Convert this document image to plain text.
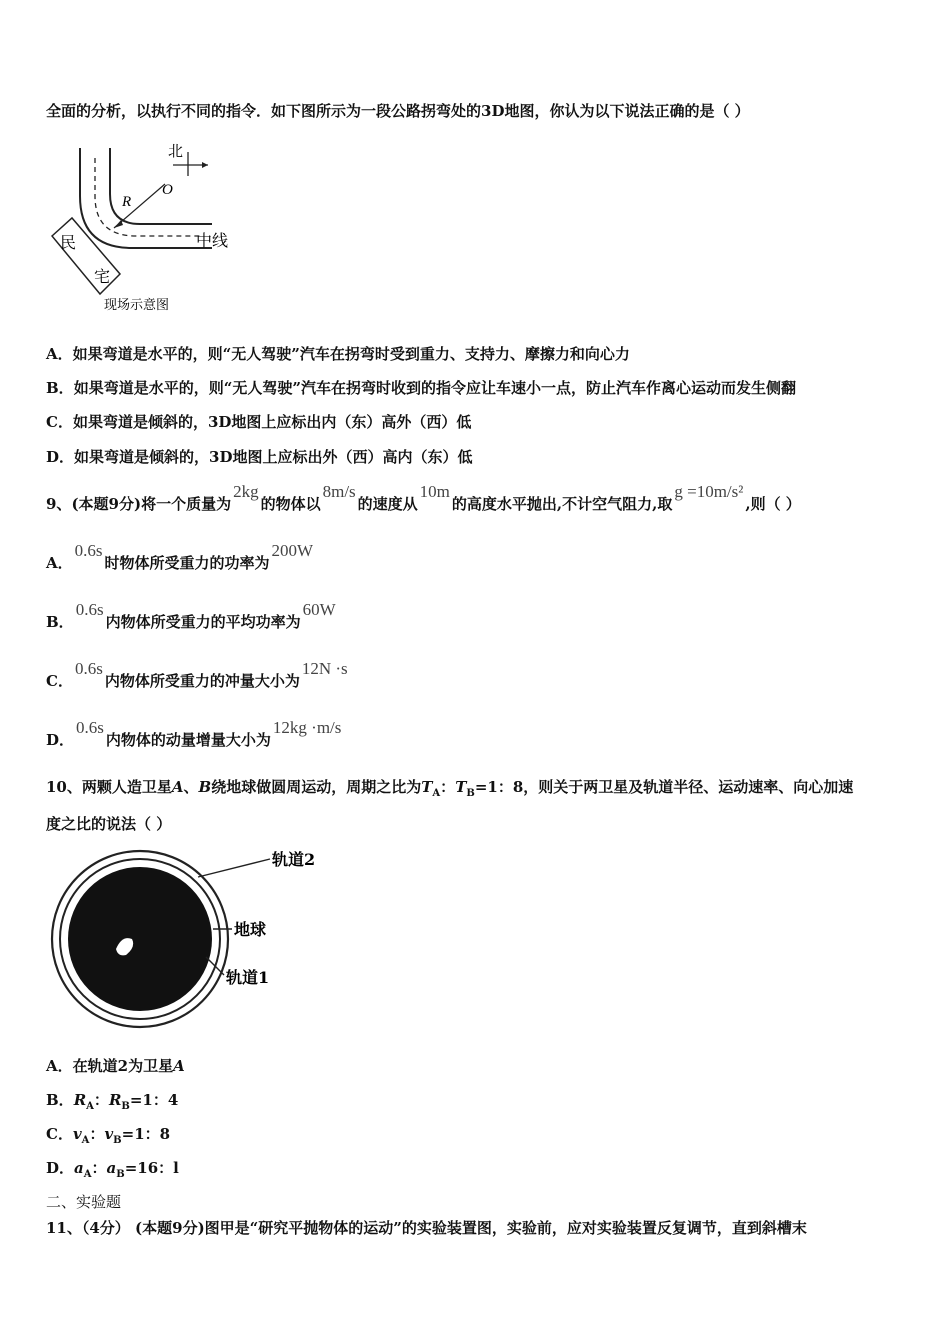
全面的分析，以执行不同的指令．如下图所示为一段公路拐弯处的3D地图，你认为以下说法正确的是（ ）
北
O
R
中线
民
宅
现场示意图
A．如果弯道是水平的，则“无人驾驶”汽车在拐弯时受到重力、支持力、摩擦力和向心力
B．如果弯道是水平的，则“无人驾驶”汽车在拐弯时收到的指令应让车速小一点，防止汽车作离心运动而发生侧翻
C．如果弯道是倾斜的，3D地图上应标出内（东）高外（西）低
D．如果弯道是倾斜的，3D地图上应标出外（西）高内（东）低
9、(本题9分)将一个质量为2kg的物体以8m/s的速度从10m的高度水平抛出,不计空气阻力,取g =10m/s²,则（ ）
A．0.6s时物体所受重力的功率为200W
B．0.6s内物体所受重力的平均功率为60W
C．0.6s内物体所受重力的冲量大小为12N ·s
D．0.6s内物体的动量增量大小为12kg ·m/s
10、两颗人造卫星A、B绕地球做圆周运动，周期之比为$T_A$：$T_B=1$：8，则关于两卫星及轨道半径、运动速率、向心加速
度之比的说法（ ）
轨道2
地球
轨道1
A．在轨道2为卫星A
B．$R_A$：$R_B=1$：4
C．$v_A$：$v_B=1$：8
D．$a_A$：$a_B=16$：l
二、实验题
11、（4分） (本题9分)图甲是“研究平抛物体的运动”的实验装置图，实验前，应对实验装置反复调节，直到斜槽末
